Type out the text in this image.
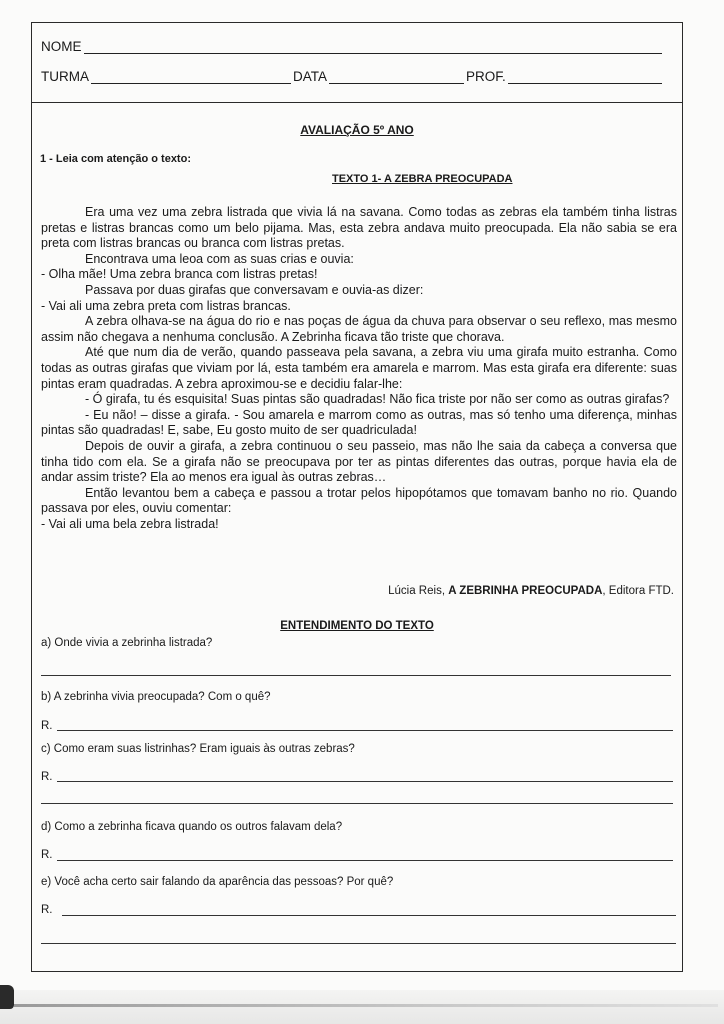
NOME
TURMA	DATA	PROF.
AVALIAÇÃO 5º ANO
1 - Leia com atenção o texto:
TEXTO 1- A ZEBRA PREOCUPADA

Era uma vez uma zebra listrada que vivia lá na savana. Como todas as zebras ela também tinha listras pretas e listras brancas como um belo pijama. Mas, esta zebra andava muito preocupada. Ela não sabia se era preta com listras brancas ou branca com listras pretas.

Encontrava uma leoa com as suas crias e ouvia:

- Olha mãe! Uma zebra branca com listras pretas!

Passava por duas girafas que conversavam e ouvia-as dizer:

- Vai ali uma zebra preta com listras brancas.

A zebra olhava-se na água do rio e nas poças de água da chuva para observar o seu reflexo, mas mesmo assim não chegava a nenhuma conclusão. A Zebrinha ficava tão triste que chorava.

Até que num dia de verão, quando passeava pela savana, a zebra viu uma girafa muito estranha. Como todas as outras girafas que viviam por lá, esta também era amarela e marrom. Mas esta girafa era diferente: suas pintas eram quadradas. A zebra aproximou-se e decidiu falar-lhe:

- Ó girafa, tu és esquisita! Suas pintas são quadradas! Não fica triste por não ser como as outras girafas?

- Eu não! – disse a girafa. - Sou amarela e marrom como as outras, mas só tenho uma diferença, minhas pintas são quadradas! E, sabe, Eu gosto muito de ser quadriculada!

Depois de ouvir a girafa, a zebra continuou o seu passeio, mas não lhe saia da cabeça a conversa que tinha tido com ela. Se a girafa não se preocupava por ter as pintas diferentes das outras, porque havia ela de andar assim triste? Ela ao menos era igual às outras zebras…

Então levantou bem a cabeça e passou a trotar pelos hipopótamos que tomavam banho no rio. Quando passava por eles, ouviu comentar:

- Vai ali uma bela zebra listrada!

Lúcia Reis, A ZEBRINHA PREOCUPADA, Editora FTD.
ENTENDIMENTO DO TEXTO
a) Onde vivia a zebrinha listrada?
b) A zebrinha vivia preocupada? Com o quê?
R.
c) Como eram suas listrinhas? Eram iguais às outras zebras?
R.
d) Como a zebrinha ficava quando os outros falavam dela?
R.
e) Você acha certo sair falando da aparência das pessoas? Por quê?
R.
